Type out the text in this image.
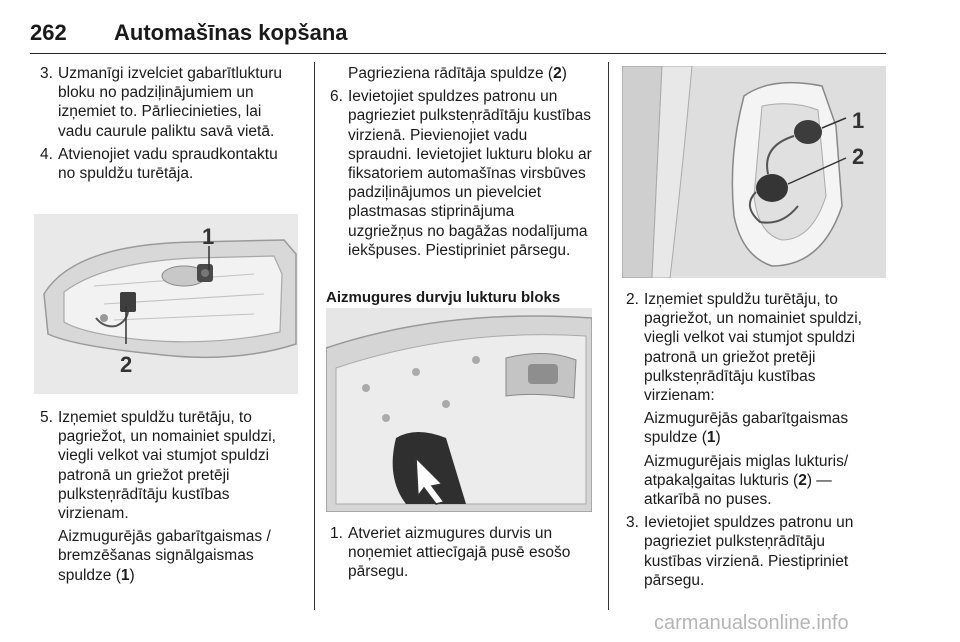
262 Automašīnas kopšana
3. Uzmanīgi izvelciet gabarītlukturu bloku no padziļinājumiem un izņemiet to. Pārliecinieties, lai vadu caurule paliktu savā vietā.
4. Atvienojiet vadu spraudkontaktu no spuldžu turētāja.
1
2
5. Izņemiet spuldžu turētāju, to pagriežot, un nomainiet spuldzi, viegli velkot vai stumjot spuldzi patronā un griežot pretēji pulksteņrādītāju kustības virzienam.
Aizmugurējās gabarītgaismas / bremzēšanas signālgaismas spuldze (1)
Pagrieziena rādītāja spuldze (2)
6. Ievietojiet spuldzes patronu un pagrieziet pulksteņrādītāju kustības virzienā. Pievienojiet vadu spraudni. Ievietojiet lukturu bloku ar fiksatoriem automašīnas virsbūves padziļinājumos un pievelciet plastmasas stiprinājuma uzgriežņus no bagāžas nodalījuma iekšpuses. Piestipriniet pārsegu.
Aizmugures durvju lukturu bloks
1. Atveriet aizmugures durvis un noņemiet attiecīgajā pusē esošo pārsegu.
1
2
2. Izņemiet spuldžu turētāju, to pagriežot, un nomainiet spuldzi, viegli velkot vai stumjot spuldzi patronā un griežot pretēji pulksteņrādītāju kustības virzienam:
Aizmugurējās gabarītgaismas spuldze (1)
Aizmugurējais miglas lukturis/ atpakaļgaitas lukturis (2) — atkarībā no puses.
3. Ievietojiet spuldzes patronu un pagrieziet pulksteņrādītāju kustības virzienā. Piestipriniet pārsegu.
carmanualsonline.info
